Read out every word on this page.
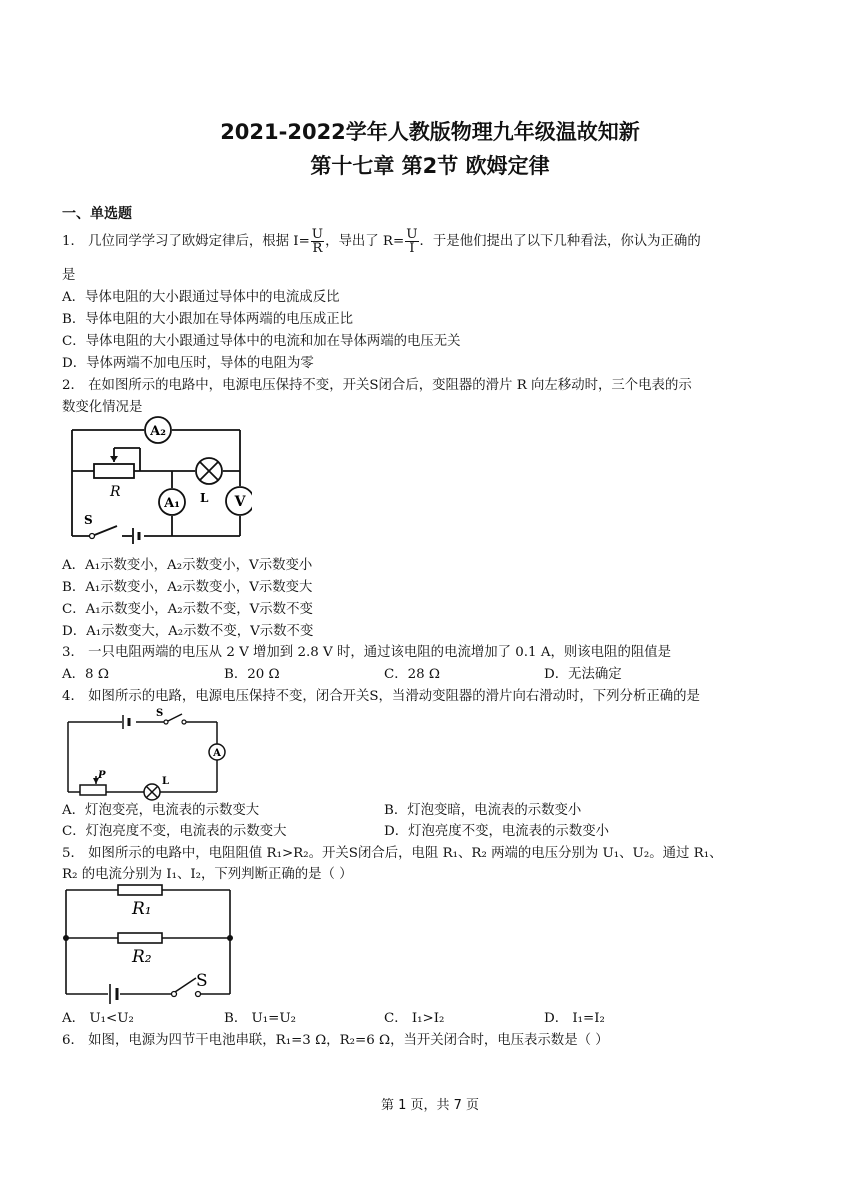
2021-2022学年人教版物理九年级温故知新
第十七章 第2节 欧姆定律
一、单选题
1． 几位同学学习了欧姆定律后，根据 $I= \frac{U}{R}$ ，导出了 $R= \frac{U}{I}$ ．于是他们提出了以下几种看法，你认为正确的
是
A．导体电阻的大小跟通过导体中的电流成反比
B．导体电阻的大小跟加在导体两端的电压成正比
C．导体电阻的大小跟通过导体中的电流和加在导体两端的电压无关
D．导体两端不加电压时，导体的电阻为零
2． 在如图所示的电路中，电源电压保持不变，开关S闭合后，变阻器的滑片 R 向左移动时，三个电表的示
数变化情况是
A₂
A₁	V
R	L
S
A．A₁示数变小，A₂示数变小，V示数变小
B．A₁示数变小，A₂示数变小，V示数变大
C．A₁示数变小，A₂示数不变，V示数不变
D．A₁示数变大，A₂示数不变，V示数不变
3． 一只电阻两端的电压从 2 V 增加到 2.8 V 时，通过该电阻的电流增加了 0.1 A，则该电阻的阻值是
A．8 Ω	B．20 Ω	C．28 Ω	D．无法确定
4． 如图所示的电路，电源电压保持不变，闭合开关S，当滑动变阻器的滑片向右滑动时，下列分析正确的是
S
A
P
L
A．灯泡变亮，电流表的示数变大	B．灯泡变暗，电流表的示数变小
C．灯泡亮度不变，电流表的示数变大	D．灯泡亮度不变，电流表的示数变小
5． 如图所示的电路中，电阻阻值 R₁>R₂。开关S闭合后，电阻 R₁、R₂ 两端的电压分别为 U₁、U₂。通过 R₁、
R₂ 的电流分别为 I₁、I₂，下列判断正确的是（ ）
R₁
R₂
S
A． U₁<U₂	B． U₁=U₂	C． I₁>I₂	D． I₁=I₂
6． 如图，电源为四节干电池串联，R₁=3 Ω，R₂=6 Ω，当开关闭合时，电压表示数是（ ）
第 1 页，共 7 页
